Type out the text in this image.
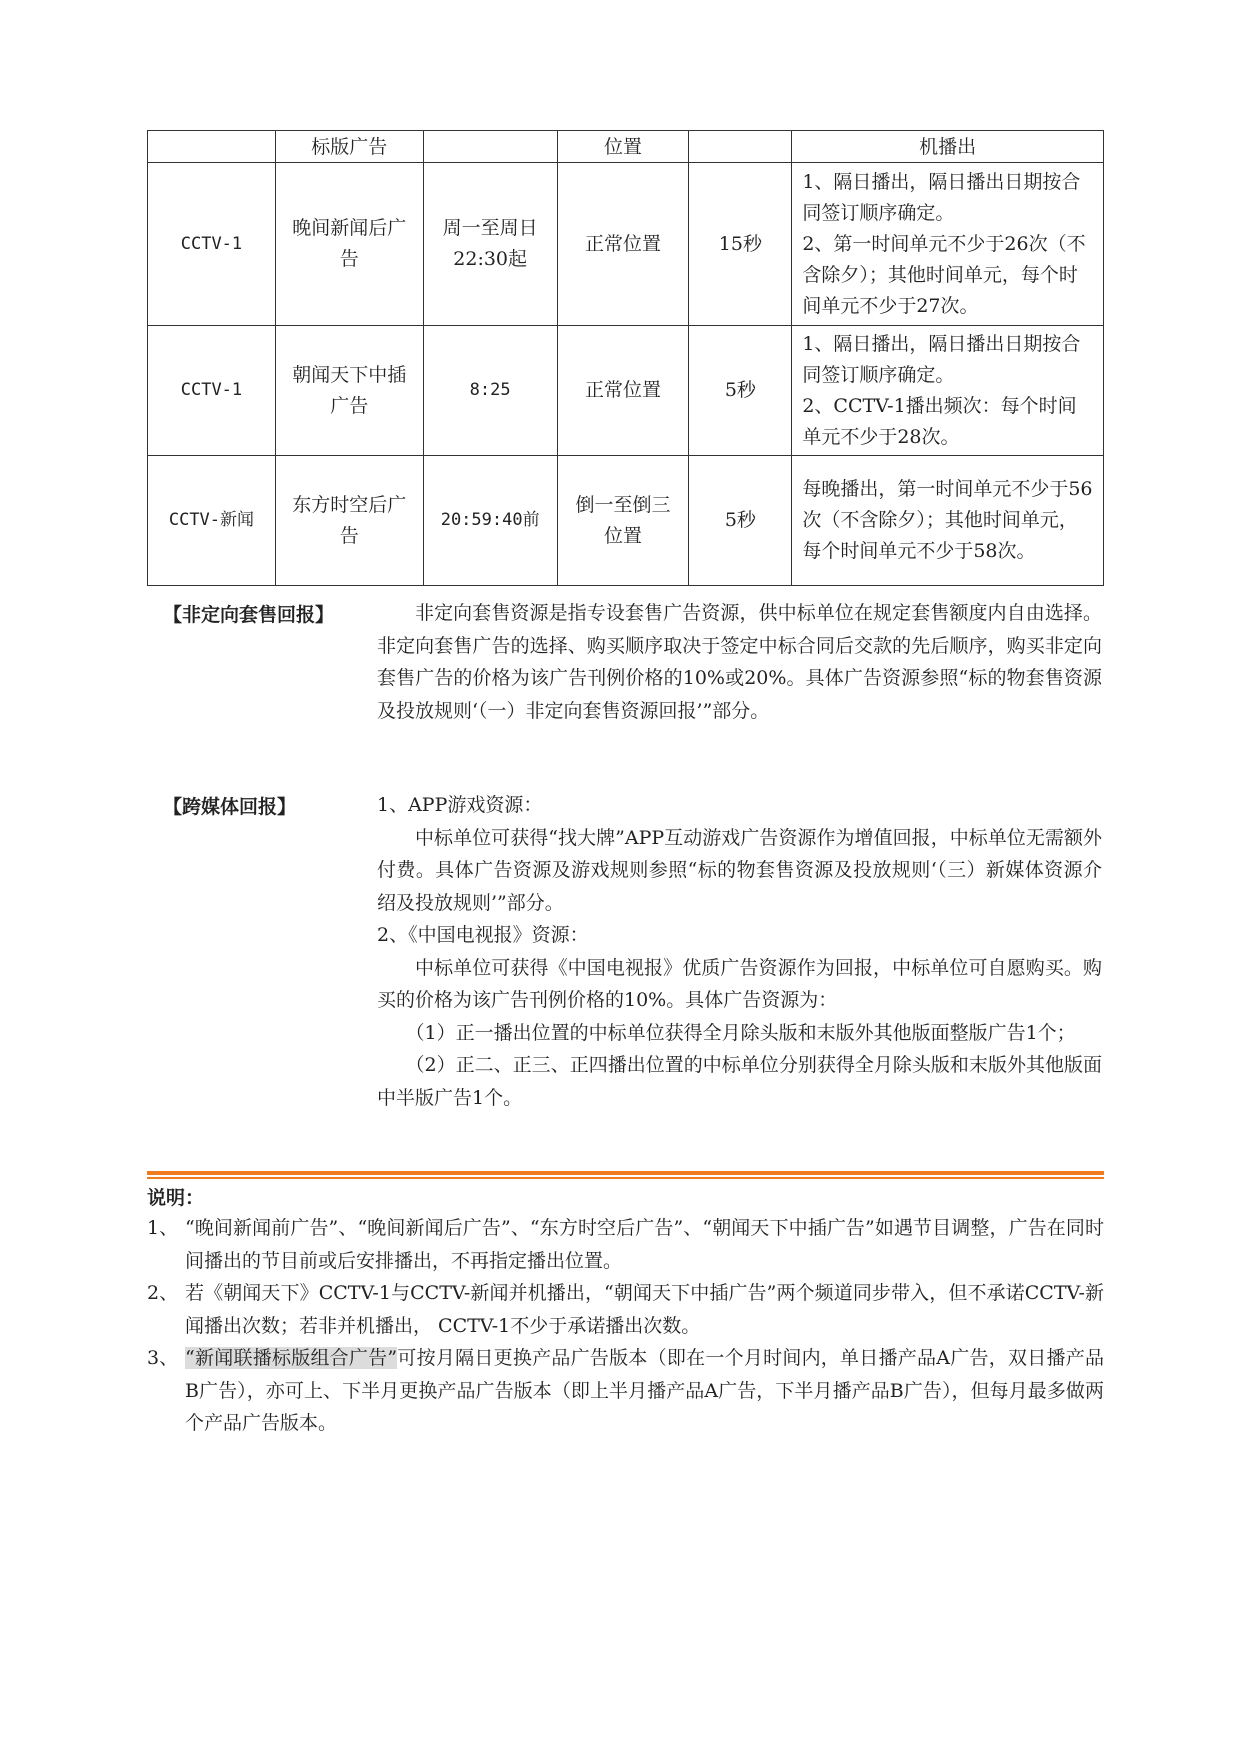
	标版广告		位置		机播出
CCTV-1	晚间新闻后广告	周一至周日22:30起	正常位置	15秒	1、隔日播出，隔日播出日期按合同签订顺序确定。
2、第一时间单元不少于26次（不含除夕）；其他时间单元，每个时间单元不少于27次。

CCTV-1	朝闻天下中插广告	8:25	正常位置	5秒	1、隔日播出，隔日播出日期按合同签订顺序确定。
2、CCTV-1播出频次：每个时间单元不少于28次。

CCTV-新闻	东方时空后广告	20:59:40前	倒一至倒三位置	5秒	每晚播出，第一时间单元不少于56次（不含除夕）；其他时间单元，每个时间单元不少于58次。
【非定向套售回报】	非定向套售资源是指专设套售广告资源，供中标单位在规定套售额度内自由选择。非定向套售广告的选择、购买顺序取决于签定中标合同后交款的先后顺序，购买非定向套售广告的价格为该广告刊例价格的10%或20%。具体广告资源参照“标的物套售资源及投放规则‘（一）非定向套售资源回报’”部分。

【跨媒体回报】	1、APP游戏资源：

中标单位可获得“找大牌”APP互动游戏广告资源作为增值回报，中标单位无需额外付费。具体广告资源及游戏规则参照“标的物套售资源及投放规则‘（三）新媒体资源介绍及投放规则’”部分。

2、《中国电视报》资源：

中标单位可获得《中国电视报》优质广告资源作为回报，中标单位可自愿购买。购买的价格为该广告刊例价格的10%。具体广告资源为：

（1）正一播出位置的中标单位获得全月除头版和末版外其他版面整版广告1个；

（2）正二、正三、正四播出位置的中标单位分别获得全月除头版和末版外其他版面中半版广告1个。

说明：
1、 “晚间新闻前广告”、“晚间新闻后广告”、“东方时空后广告”、“朝闻天下中插广告”如遇节目调整，广告在同时间播出的节目前或后安排播出，不再指定播出位置。
2、 若《朝闻天下》CCTV-1与CCTV-新闻并机播出，“朝闻天下中插广告”两个频道同步带入，但不承诺CCTV-新闻播出次数；若非并机播出， CCTV-1不少于承诺播出次数。
3、 “新闻联播标版组合广告”可按月隔日更换产品广告版本（即在一个月时间内，单日播产品A广告，双日播产品B广告），亦可上、下半月更换产品广告版本（即上半月播产品A广告，下半月播产品B广告），但每月最多做两个产品广告版本。
